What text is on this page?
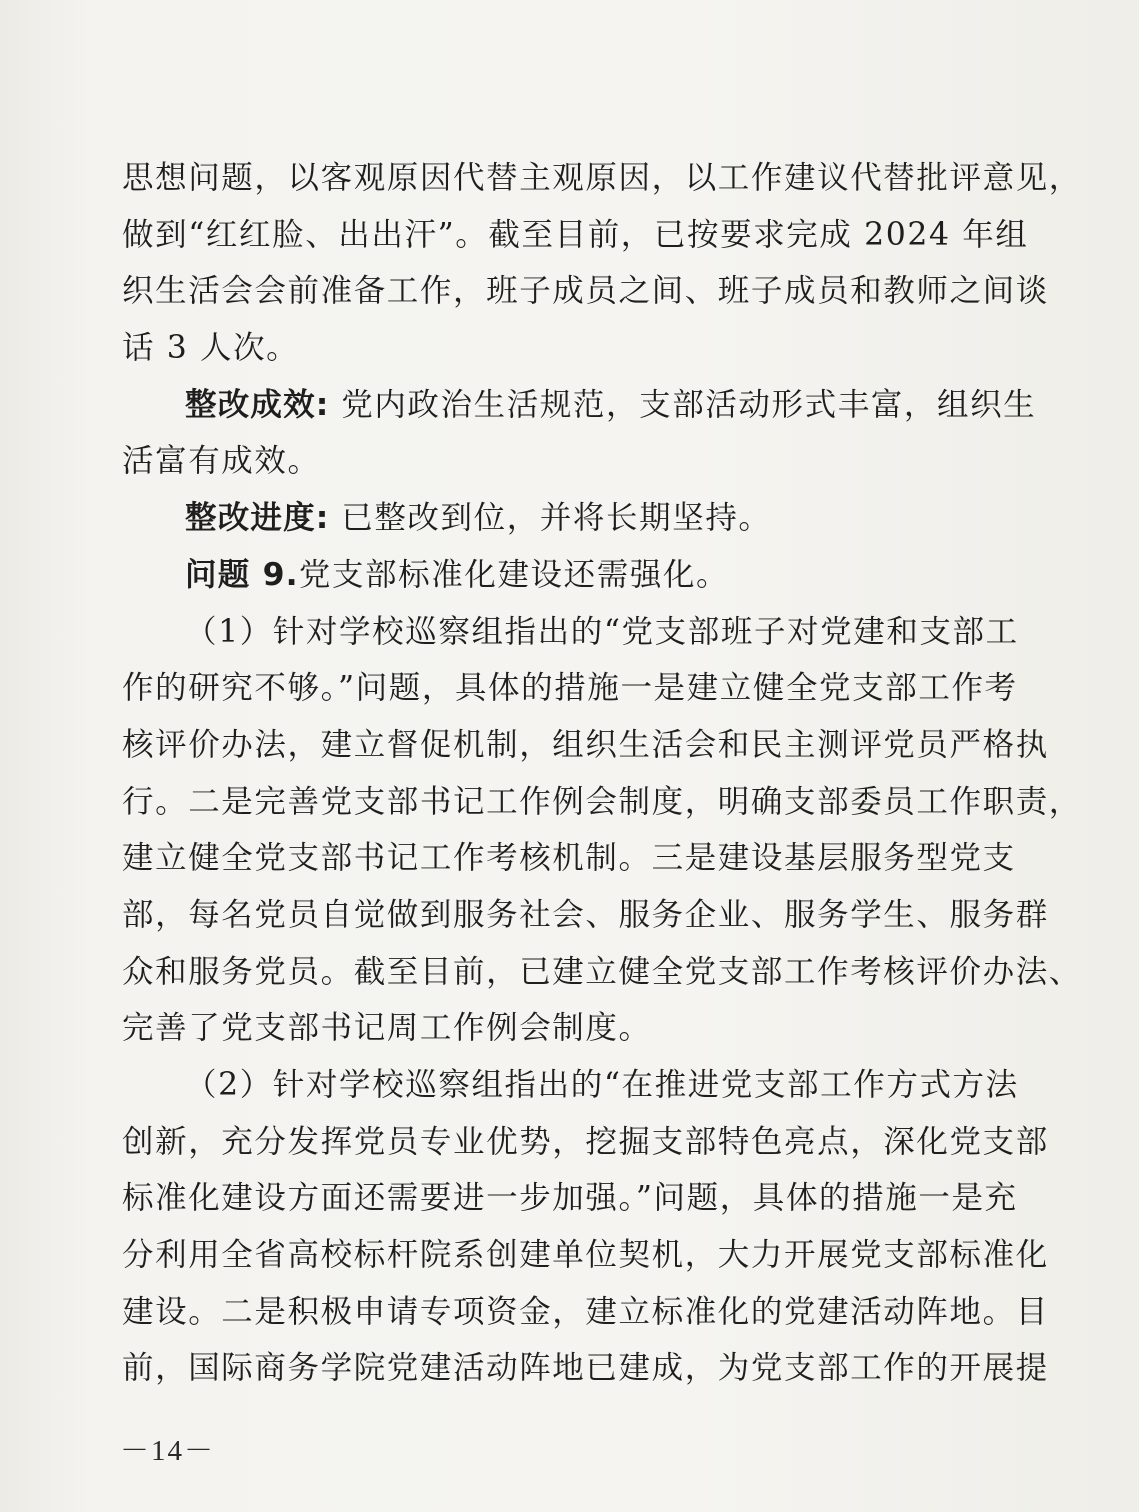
思想问题，以客观原因代替主观原因，以工作建议代替批评意见，
做到“红红脸、出出汗”。截至目前，已按要求完成 2024 年组
织生活会会前准备工作，班子成员之间、班子成员和教师之间谈
话 3 人次。
整改成效: 党内政治生活规范，支部活动形式丰富，组织生
活富有成效。
整改进度: 已整改到位，并将长期坚持。
问题 9.党支部标准化建设还需强化。
（1）针对学校巡察组指出的“党支部班子对党建和支部工
作的研究不够。”问题，具体的措施一是建立健全党支部工作考
核评价办法，建立督促机制，组织生活会和民主测评党员严格执
行。二是完善党支部书记工作例会制度，明确支部委员工作职责，
建立健全党支部书记工作考核机制。三是建设基层服务型党支
部，每名党员自觉做到服务社会、服务企业、服务学生、服务群
众和服务党员。截至目前，已建立健全党支部工作考核评价办法、
完善了党支部书记周工作例会制度。
（2）针对学校巡察组指出的“在推进党支部工作方式方法
创新，充分发挥党员专业优势，挖掘支部特色亮点，深化党支部
标准化建设方面还需要进一步加强。”问题，具体的措施一是充
分利用全省高校标杆院系创建单位契机，大力开展党支部标准化
建设。二是积极申请专项资金，建立标准化的党建活动阵地。目
前，国际商务学院党建活动阵地已建成，为党支部工作的开展提
－14－
